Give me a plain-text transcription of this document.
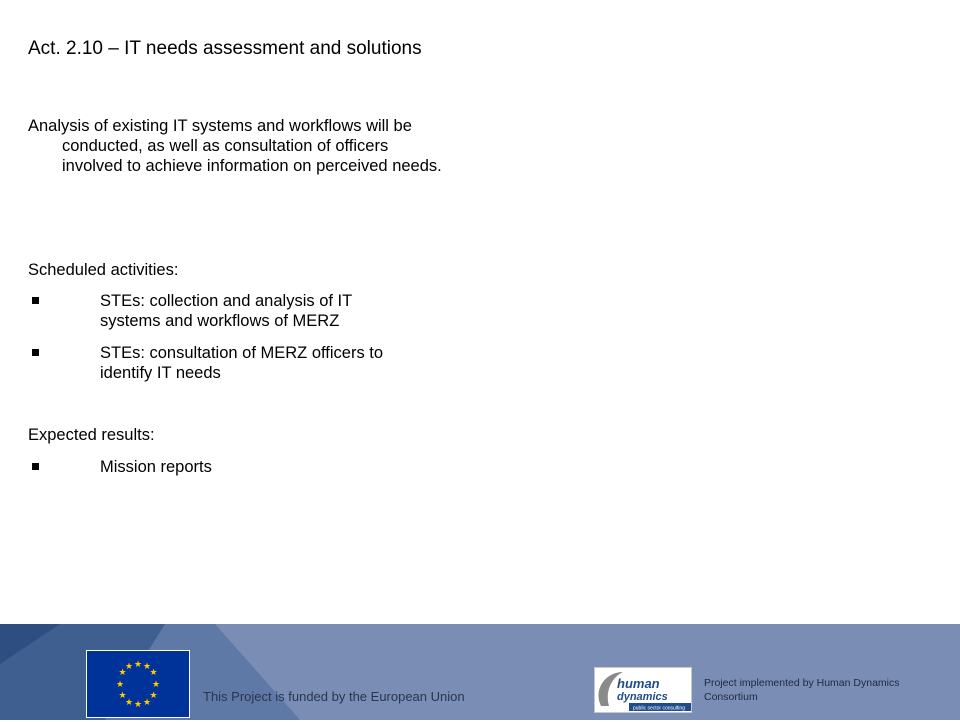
Act. 2.10 – IT needs assessment and solutions
Analysis of existing IT systems and workflows will be conducted, as well as consultation of officers involved to achieve information on perceived needs.
Scheduled activities:
STEs: collection and analysis of IT systems and workflows of MERZ
STEs: consultation of MERZ officers to identify IT needs
Expected results:
Mission reports
★ ★
★
★
★
★
★
★
★
★
★
★
This Project is funded by the European Union
human
dynamics
public sector consulting
Project implemented by Human Dynamics Consortium
